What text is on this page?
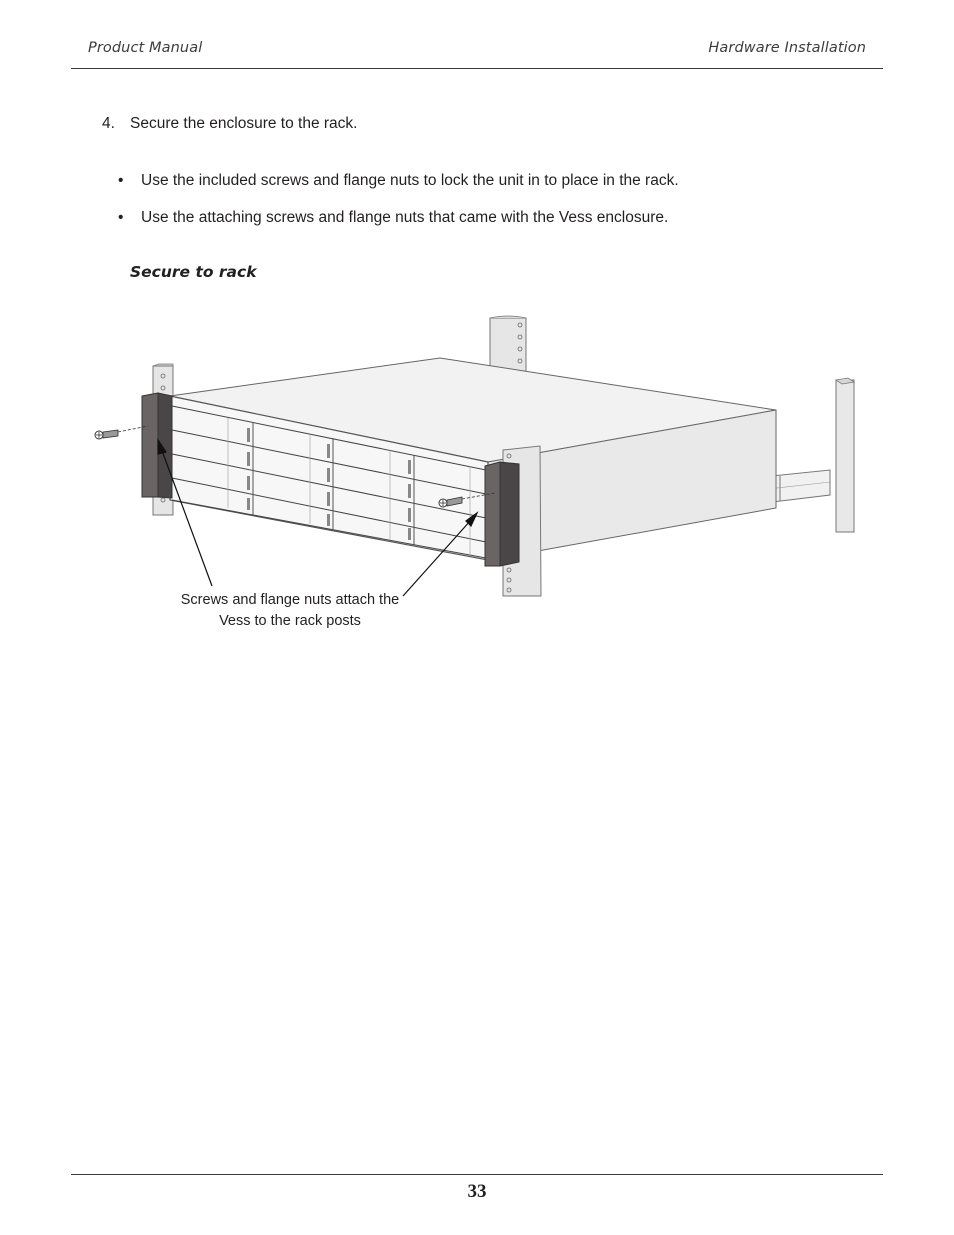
Product Manual	Hardware Installation
4. Secure the enclosure to the rack.
• Use the included screws and flange nuts to lock the unit in to place in the rack.
• Use the attaching screws and flange nuts that came with the Vess enclosure.
Secure to rack
Screws and flange nuts attach the
Vess to the rack posts
33
